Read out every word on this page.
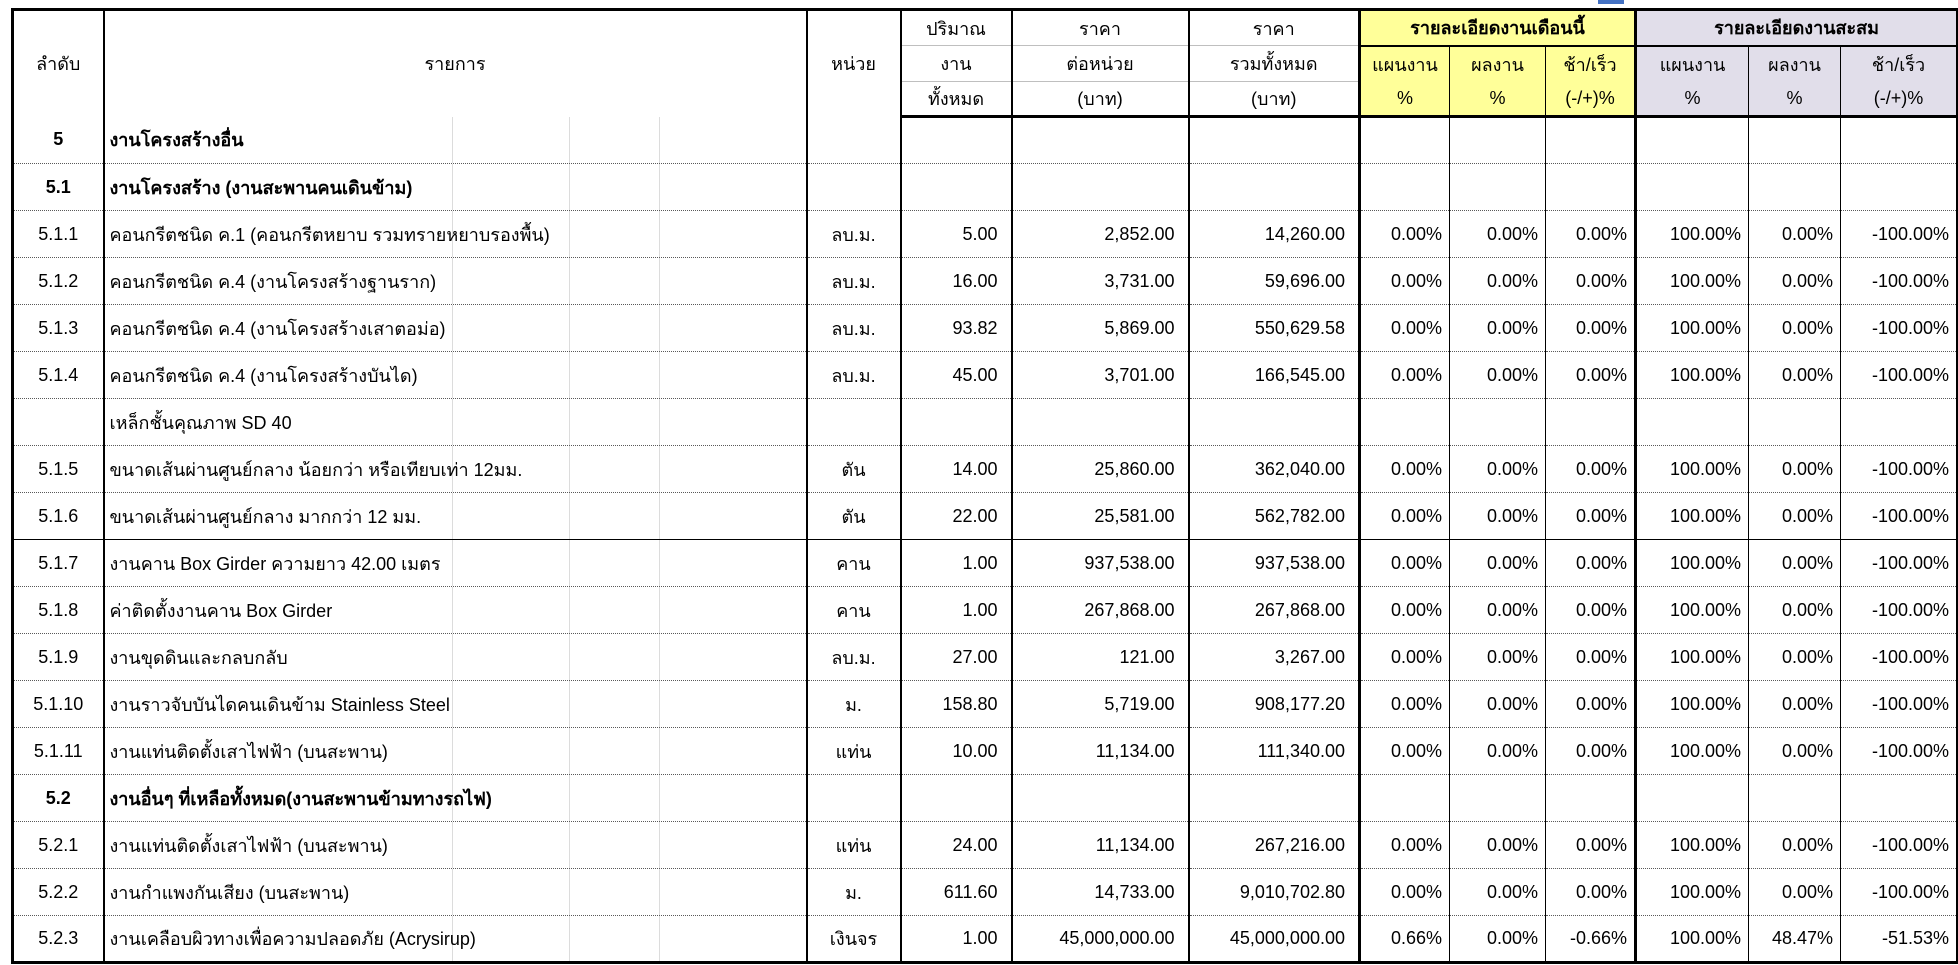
ลำดับ	รายการ	หน่วย	ปริมาณ	ราคา	ราคา	รายละเอียดงานเดือนนี้			รายละเอียดงานสะสม		
			งาน	ต่อหน่วย	รวมทั้งหมด	แผนงาน	ผลงาน	ช้า/เร็ว	แผนงาน	ผลงาน	ช้า/เร็ว
			ทั้งหมด	(บาท)	(บาท)	%	%	(-/+)%	%	%	(-/+)%
5	งานโครงสร้างอื่น										
5.1	งานโครงสร้าง (งานสะพานคนเดินข้าม)										
5.1.1	คอนกรีตชนิด ค.1 (คอนกรีตหยาบ รวมทรายหยาบรองพื้น)	ลบ.ม.	5.00	2,852.00	14,260.00	0.00%	0.00%	0.00%	100.00%	0.00%	-100.00%
5.1.2	คอนกรีตชนิด ค.4 (งานโครงสร้างฐานราก)	ลบ.ม.	16.00	3,731.00	59,696.00	0.00%	0.00%	0.00%	100.00%	0.00%	-100.00%
5.1.3	คอนกรีตชนิด ค.4 (งานโครงสร้างเสาตอม่อ)	ลบ.ม.	93.82	5,869.00	550,629.58	0.00%	0.00%	0.00%	100.00%	0.00%	-100.00%
5.1.4	คอนกรีตชนิด ค.4 (งานโครงสร้างบันได)	ลบ.ม.	45.00	3,701.00	166,545.00	0.00%	0.00%	0.00%	100.00%	0.00%	-100.00%
	เหล็กชั้นคุณภาพ SD 40										
5.1.5	ขนาดเส้นผ่านศูนย์กลาง น้อยกว่า หรือเทียบเท่า 12มม.	ตัน	14.00	25,860.00	362,040.00	0.00%	0.00%	0.00%	100.00%	0.00%	-100.00%
5.1.6	ขนาดเส้นผ่านศูนย์กลาง มากกว่า 12 มม.	ตัน	22.00	25,581.00	562,782.00	0.00%	0.00%	0.00%	100.00%	0.00%	-100.00%
5.1.7	งานคาน Box Girder ความยาว 42.00 เมตร	คาน	1.00	937,538.00	937,538.00	0.00%	0.00%	0.00%	100.00%	0.00%	-100.00%
5.1.8	ค่าติดตั้งงานคาน Box Girder	คาน	1.00	267,868.00	267,868.00	0.00%	0.00%	0.00%	100.00%	0.00%	-100.00%
5.1.9	งานขุดดินและกลบกลับ	ลบ.ม.	27.00	121.00	3,267.00	0.00%	0.00%	0.00%	100.00%	0.00%	-100.00%
5.1.10	งานราวจับบันไดคนเดินข้าม Stainless Steel	ม.	158.80	5,719.00	908,177.20	0.00%	0.00%	0.00%	100.00%	0.00%	-100.00%
5.1.11	งานแท่นติดตั้งเสาไฟฟ้า (บนสะพาน)	แท่น	10.00	11,134.00	111,340.00	0.00%	0.00%	0.00%	100.00%	0.00%	-100.00%
5.2	งานอื่นๆ ที่เหลือทั้งหมด(งานสะพานข้ามทางรถไฟ)										
5.2.1	งานแท่นติดตั้งเสาไฟฟ้า (บนสะพาน)	แท่น	24.00	11,134.00	267,216.00	0.00%	0.00%	0.00%	100.00%	0.00%	-100.00%
5.2.2	งานกำแพงกันเสียง (บนสะพาน)	ม.	611.60	14,733.00	9,010,702.80	0.00%	0.00%	0.00%	100.00%	0.00%	-100.00%
5.2.3	งานเคลือบผิวทางเพื่อความปลอดภัย (Acrysirup)	เงินจร	1.00	45,000,000.00	45,000,000.00	0.66%	0.00%	-0.66%	100.00%	48.47%	-51.53%
